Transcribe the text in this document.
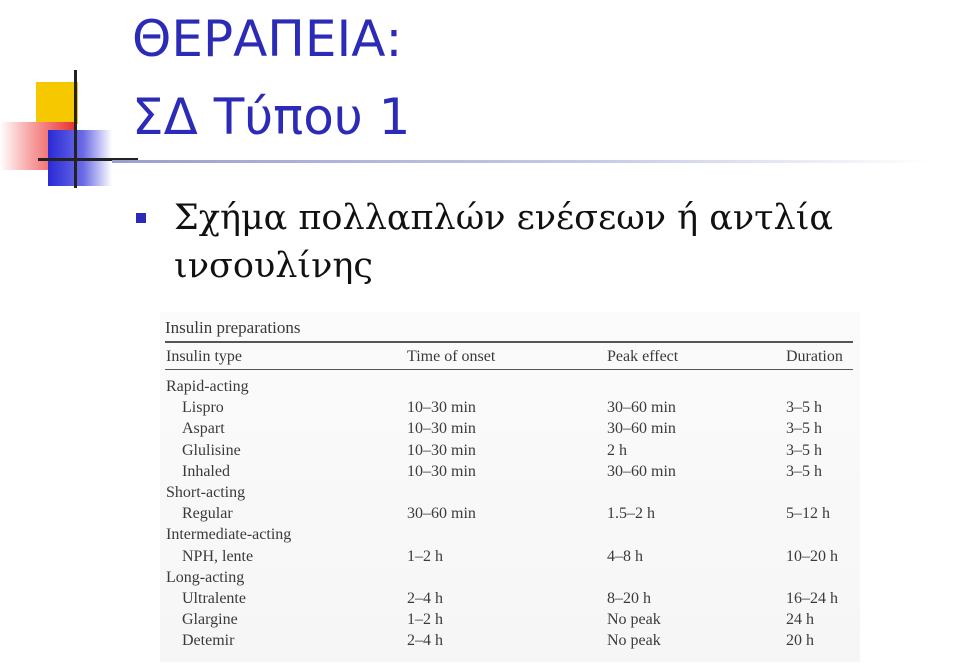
ΘΕΡΑΠΕΙΑ:
ΣΔ Τύπου 1

Σχήμα πολλαπλών ενέσεων ή αντλία ινσουλίνης

Insulin preparations
Insulin type	Time of onset	Peak effect	Duration
Rapid-acting
Lispro	10–30 min	30–60 min	3–5 h
Aspart	10–30 min	30–60 min	3–5 h
Glulisine	10–30 min	2 h	3–5 h
Inhaled	10–30 min	30–60 min	3–5 h
Short-acting
Regular	30–60 min	1.5–2 h	5–12 h
Intermediate-acting
NPH, lente	1–2 h	4–8 h	10–20 h
Long-acting
Ultralente	2–4 h	8–20 h	16–24 h
Glargine	1–2 h	No peak	24 h
Detemir	2–4 h	No peak	20 h
